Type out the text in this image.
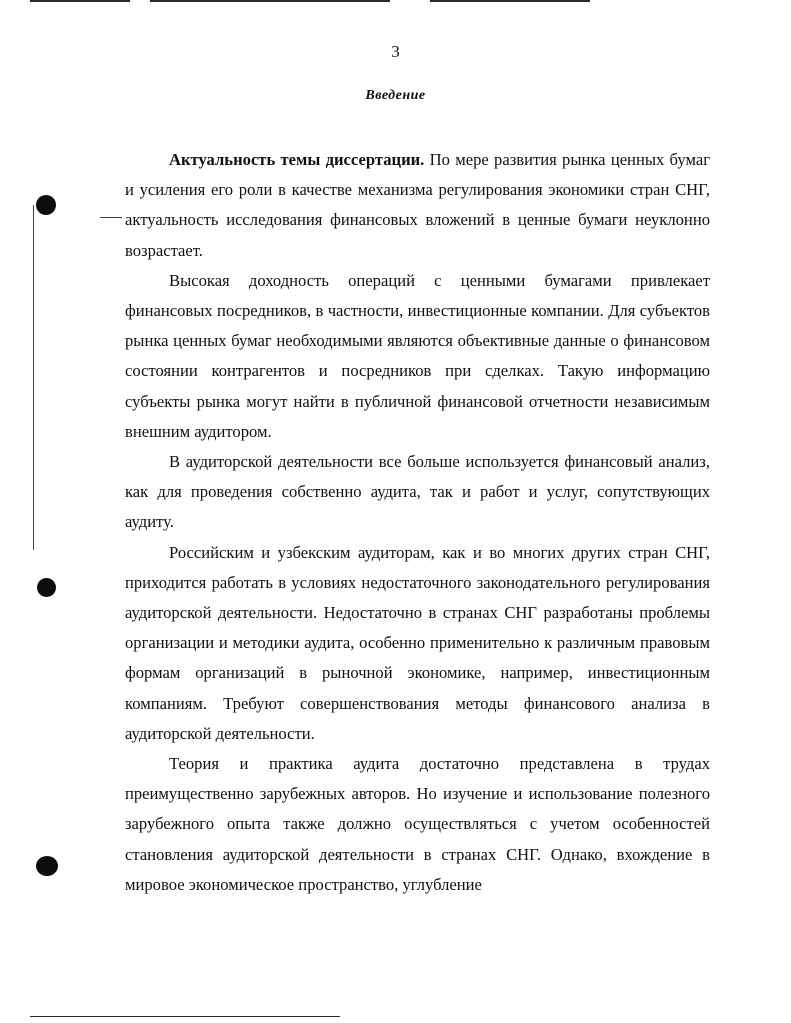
3
Введение

Актуальность темы диссертации. По мере развития рынка ценных бумаг и усиления его роли в качестве механизма регулирования экономики стран СНГ, актуальность исследования финансовых вложений в ценные бумаги неуклонно возрастает.

Высокая доходность операций с ценными бумагами привлекает финансовых посредников, в частности, инвестиционные компании. Для субъектов рынка ценных бумаг необходимыми являются объективные данные о финансовом состоянии контрагентов и посредников при сделках. Такую информацию субъекты рынка могут найти в публичной финансовой отчетности независимым внешним аудитором.

В аудиторской деятельности все больше используется финансовый анализ, как для проведения собственно аудита, так и работ и услуг, сопутствующих аудиту.

Российским и узбекским аудиторам, как и во многих других стран СНГ, приходится работать в условиях недостаточного законодательного регулирования аудиторской деятельности. Недостаточно в странах СНГ разработаны проблемы организации и методики аудита, особенно применительно к различным правовым формам организаций в рыночной экономике, например, инвестиционным компаниям. Требуют совершенствования методы финансового анализа в аудиторской деятельности.

Теория и практика аудита достаточно представлена в трудах преимущественно зарубежных авторов. Но изучение и использование полезного зарубежного опыта также должно осуществляться с учетом особенностей становления аудиторской деятельности в странах СНГ. Однако, вхождение в мировое экономическое пространство, углубление
